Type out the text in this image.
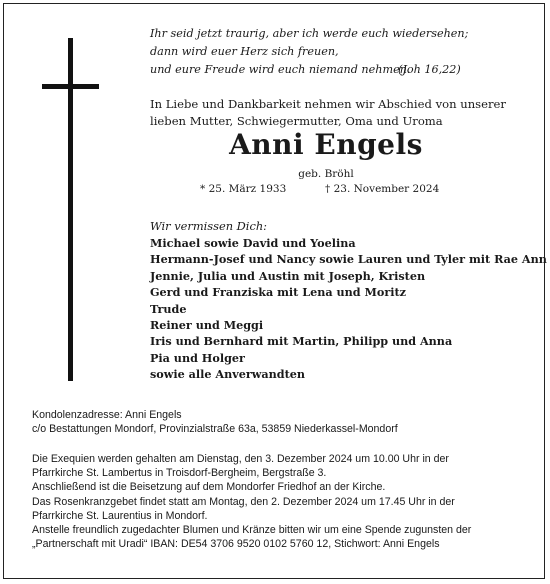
Ihr seid jetzt traurig, aber ich werde euch wiedersehen;
dann wird euer Herz sich freuen,
und eure Freude wird euch niemand nehmen.
(Joh 16,22)
In Liebe und Dankbarkeit nehmen wir Abschied von unserer
lieben Mutter, Schwiegermutter, Oma und Uroma
Anni Engels
geb. Bröhl
* 25. März 1933	† 23. November 2024
Wir vermissen Dich:
Michael sowie David und Yoelina
Hermann-Josef und Nancy sowie Lauren und Tyler mit Rae Ann
Jennie, Julia und Austin mit Joseph, Kristen
Gerd und Franziska mit Lena und Moritz
Trude
Reiner und Meggi
Iris und Bernhard mit Martin, Philipp und Anna
Pia und Holger
sowie alle Anverwandten
Kondolenzadresse: Anni Engels
c/o Bestattungen Mondorf, Provinzialstraße 63a, 53859 Niederkassel-Mondorf
Die Exequien werden gehalten am Dienstag, den 3. Dezember 2024 um 10.00 Uhr in der
Pfarrkirche St. Lambertus in Troisdorf-Bergheim, Bergstraße 3.
Anschließend ist die Beisetzung auf dem Mondorfer Friedhof an der Kirche.
Das Rosenkranzgebet findet statt am Montag, den 2. Dezember 2024 um 17.45 Uhr in der
Pfarrkirche St. Laurentius in Mondorf.
Anstelle freundlich zugedachter Blumen und Kränze bitten wir um eine Spende zugunsten der
„Partnerschaft mit Uradi“ IBAN: DE54 3706 9520 0102 5760 12, Stichwort: Anni Engels
